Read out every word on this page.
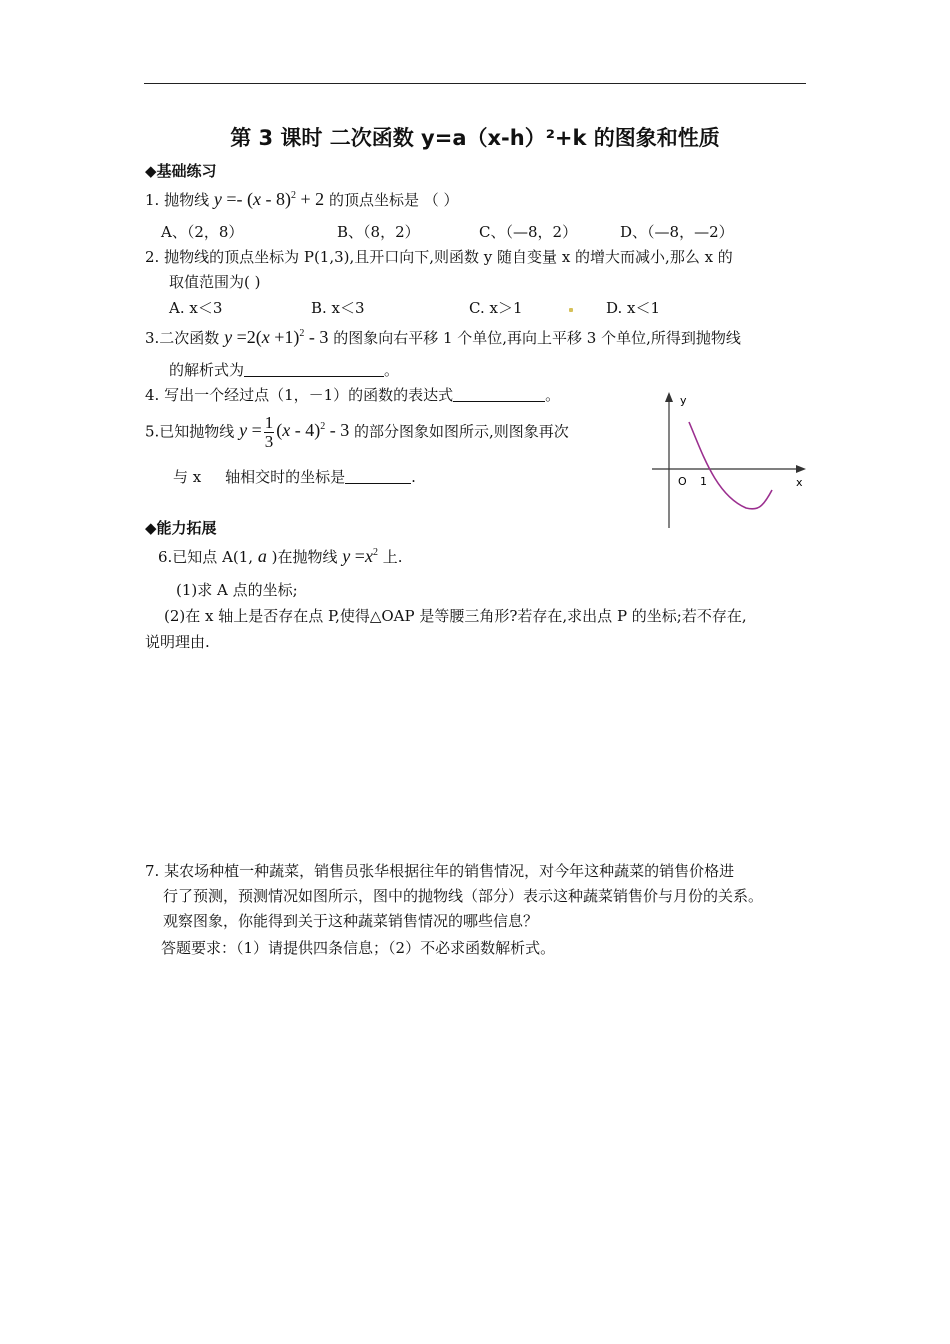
第 3 课时 二次函数 y=a（x-h）²+k 的图象和性质
◆基础练习
1. 抛物线 y =- (x - 8)$^2$ + 2 的顶点坐标是 （ ）
A、（2，8）	B、（8，2）	C、（—8，2）	D、（—8，—2）
2. 抛物线的顶点坐标为 P(1,3),且开口向下,则函数 y 随自变量 x 的增大而减小,那么 x 的
取值范围为( )
A. x＜3	B. x＜3	C. x＞1	D. x＜1
3.二次函数 $y =2(x +1)^2 - 3$ 的图象向右平移 1 个单位,再向上平移 3 个单位,所得到抛物线
的解析式为	。
4. 写出一个经过点（1，－1）的函数的表达式	。
5.已知抛物线 $y = \frac{1}{3} (x - 4)^2 - 3$ 的部分图象如图所示,则图象再次
与 x 轴相交时的坐标是	.
y
x
O 1
◆能力拓展
6.已知点 A(1, a )在抛物线 $y =x^2$ 上.
(1)求 A 点的坐标;
(2)在 x 轴上是否存在点 P,使得△OAP 是等腰三角形?若存在,求出点 P 的坐标;若不存在,
说明理由.
7. 某农场种植一种蔬菜，销售员张华根据往年的销售情况，对今年这种蔬菜的销售价格进
行了预测，预测情况如图所示，图中的抛物线（部分）表示这种蔬菜销售价与月份的关系。
观察图象，你能得到关于这种蔬菜销售情况的哪些信息？
答题要求：（1）请提供四条信息；（2）不必求函数解析式。
